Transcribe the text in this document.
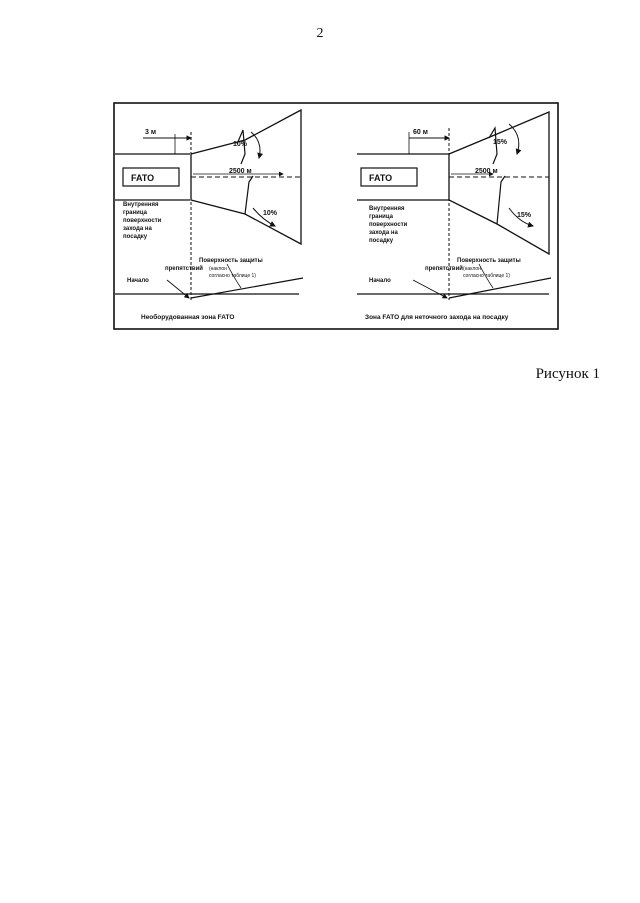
2
3 м
2500 м
FATO
10%
10%
Внутренняя
граница
поверхности
захода на
посадку
Поверхность защиты
препятствий (наклон
согласно таблице 1)
Начало
Необорудованная зона FATO
60 м
2500 м
FATO
15%
15%
Внутренняя
граница
поверхности
захода на
посадку
Поверхность защиты
препятствий (наклон
согласно таблице 1)
Начало
Зона FATO для неточного захода на посадку
Рисунок 1
